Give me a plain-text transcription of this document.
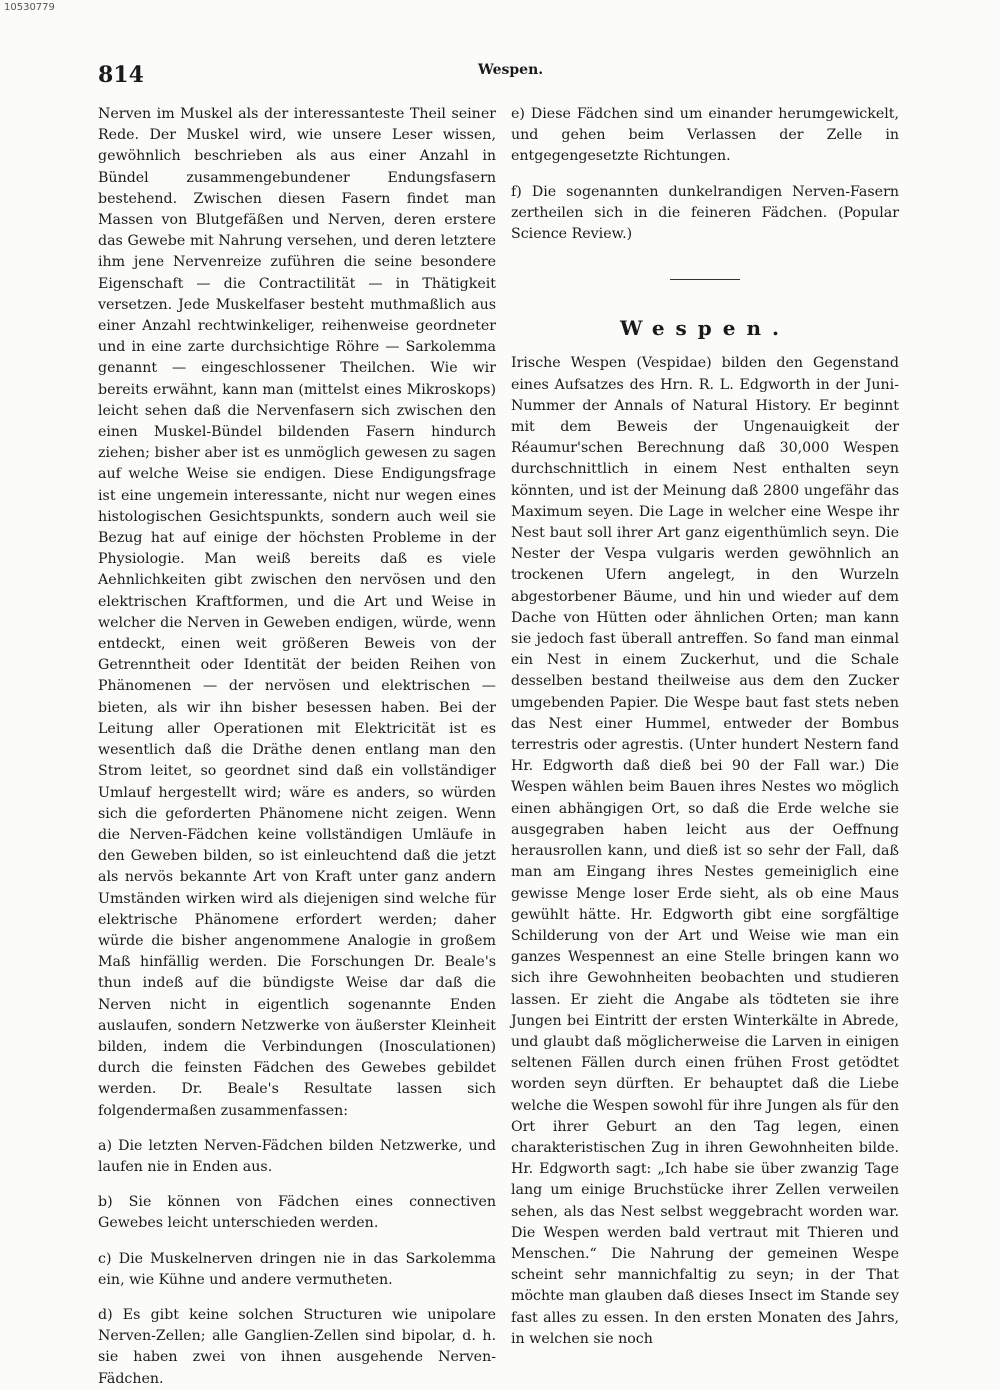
10530779
814	Wespen.

Nerven im Muskel als der interessanteste Theil seiner Rede. Der Muskel wird, wie unsere Leser wissen, gewöhnlich beschrieben als aus einer Anzahl in Bündel zusammengebundener Endungsfasern bestehend. Zwischen diesen Fasern findet man Massen von Blutgefäßen und Nerven, deren erstere das Gewebe mit Nahrung versehen, und deren letztere ihm jene Nervenreize zuführen die seine besondere Eigenschaft — die Contractilität — in Thätigkeit versetzen. Jede Muskelfaser besteht muthmaßlich aus einer Anzahl rechtwinkeliger, reihenweise geordneter und in eine zarte durchsichtige Röhre — Sarkolemma genannt — eingeschlossener Theilchen. Wie wir bereits erwähnt, kann man (mittelst eines Mikroskops) leicht sehen daß die Nervenfasern sich zwischen den einen Muskel-Bündel bildenden Fasern hindurch ziehen; bisher aber ist es unmöglich gewesen zu sagen auf welche Weise sie endigen. Diese Endigungsfrage ist eine ungemein interessante, nicht nur wegen eines histologischen Gesichtspunkts, sondern auch weil sie Bezug hat auf einige der höchsten Probleme in der Physiologie. Man weiß bereits daß es viele Aehnlichkeiten gibt zwischen den nervösen und den elektrischen Kraftformen, und die Art und Weise in welcher die Nerven in Geweben endigen, würde, wenn entdeckt, einen weit größeren Beweis von der Getrenntheit oder Identität der beiden Reihen von Phänomenen — der nervösen und elektrischen — bieten, als wir ihn bisher besessen haben. Bei der Leitung aller Operationen mit Elektricität ist es wesentlich daß die Dräthe denen entlang man den Strom leitet, so geordnet sind daß ein vollständiger Umlauf hergestellt wird; wäre es anders, so würden sich die geforderten Phänomene nicht zeigen. Wenn die Nerven-Fädchen keine vollständigen Umläufe in den Geweben bilden, so ist einleuchtend daß die jetzt als nervös bekannte Art von Kraft unter ganz andern Umständen wirken wird als diejenigen sind welche für elektrische Phänomene erfordert werden; daher würde die bisher angenommene Analogie in großem Maß hinfällig werden. Die Forschungen Dr. Beale's thun indeß auf die bündigste Weise dar daß die Nerven nicht in eigentlich sogenannte Enden auslaufen, sondern Netzwerke von äußerster Kleinheit bilden, indem die Verbindungen (Inosculationen) durch die feinsten Fädchen des Gewebes gebildet werden. Dr. Beale's Resultate lassen sich folgendermaßen zusammenfassen:

a) Die letzten Nerven-Fädchen bilden Netzwerke, und laufen nie in Enden aus.

b) Sie können von Fädchen eines connectiven Gewebes leicht unterschieden werden.

c) Die Muskelnerven dringen nie in das Sarkolemma ein, wie Kühne und andere vermutheten.

d) Es gibt keine solchen Structuren wie unipolare Nerven-Zellen; alle Ganglien-Zellen sind bipolar, d. h. sie haben zwei von ihnen ausgehende Nerven-Fädchen.

e) Diese Fädchen sind um einander herumgewickelt, und gehen beim Verlassen der Zelle in entgegengesetzte Richtungen.

f) Die sogenannten dunkelrandigen Nerven-Fasern zertheilen sich in die feineren Fädchen. (Popular Science Review.)

Wespen.

Irische Wespen (Vespidae) bilden den Gegenstand eines Aufsatzes des Hrn. R. L. Edgworth in der Juni-Nummer der Annals of Natural History. Er beginnt mit dem Beweis der Ungenauigkeit der Réaumur'schen Berechnung daß 30,000 Wespen durchschnittlich in einem Nest enthalten seyn könnten, und ist der Meinung daß 2800 ungefähr das Maximum seyen. Die Lage in welcher eine Wespe ihr Nest baut soll ihrer Art ganz eigenthümlich seyn. Die Nester der Vespa vulgaris werden gewöhnlich an trockenen Ufern angelegt, in den Wurzeln abgestorbener Bäume, und hin und wieder auf dem Dache von Hütten oder ähnlichen Orten; man kann sie jedoch fast überall antreffen. So fand man einmal ein Nest in einem Zuckerhut, und die Schale desselben bestand theilweise aus dem den Zucker umgebenden Papier. Die Wespe baut fast stets neben das Nest einer Hummel, entweder der Bombus terrestris oder agrestis. (Unter hundert Nestern fand Hr. Edgworth daß dieß bei 90 der Fall war.) Die Wespen wählen beim Bauen ihres Nestes wo möglich einen abhängigen Ort, so daß die Erde welche sie ausgegraben haben leicht aus der Oeffnung herausrollen kann, und dieß ist so sehr der Fall, daß man am Eingang ihres Nestes gemeiniglich eine gewisse Menge loser Erde sieht, als ob eine Maus gewühlt hätte. Hr. Edgworth gibt eine sorgfältige Schilderung von der Art und Weise wie man ein ganzes Wespennest an eine Stelle bringen kann wo sich ihre Gewohnheiten beobachten und studieren lassen. Er zieht die Angabe als tödteten sie ihre Jungen bei Eintritt der ersten Winterkälte in Abrede, und glaubt daß möglicherweise die Larven in einigen seltenen Fällen durch einen frühen Frost getödtet worden seyn dürften. Er behauptet daß die Liebe welche die Wespen sowohl für ihre Jungen als für den Ort ihrer Geburt an den Tag legen, einen charakteristischen Zug in ihren Gewohnheiten bilde. Hr. Edgworth sagt: „Ich habe sie über zwanzig Tage lang um einige Bruchstücke ihrer Zellen verweilen sehen, als das Nest selbst weggebracht worden war. Die Wespen werden bald vertraut mit Thieren und Menschen.“ Die Nahrung der gemeinen Wespe scheint sehr mannichfaltig zu seyn; in der That möchte man glauben daß dieses Insect im Stande sey fast alles zu essen. In den ersten Monaten des Jahrs, in welchen sie noch
